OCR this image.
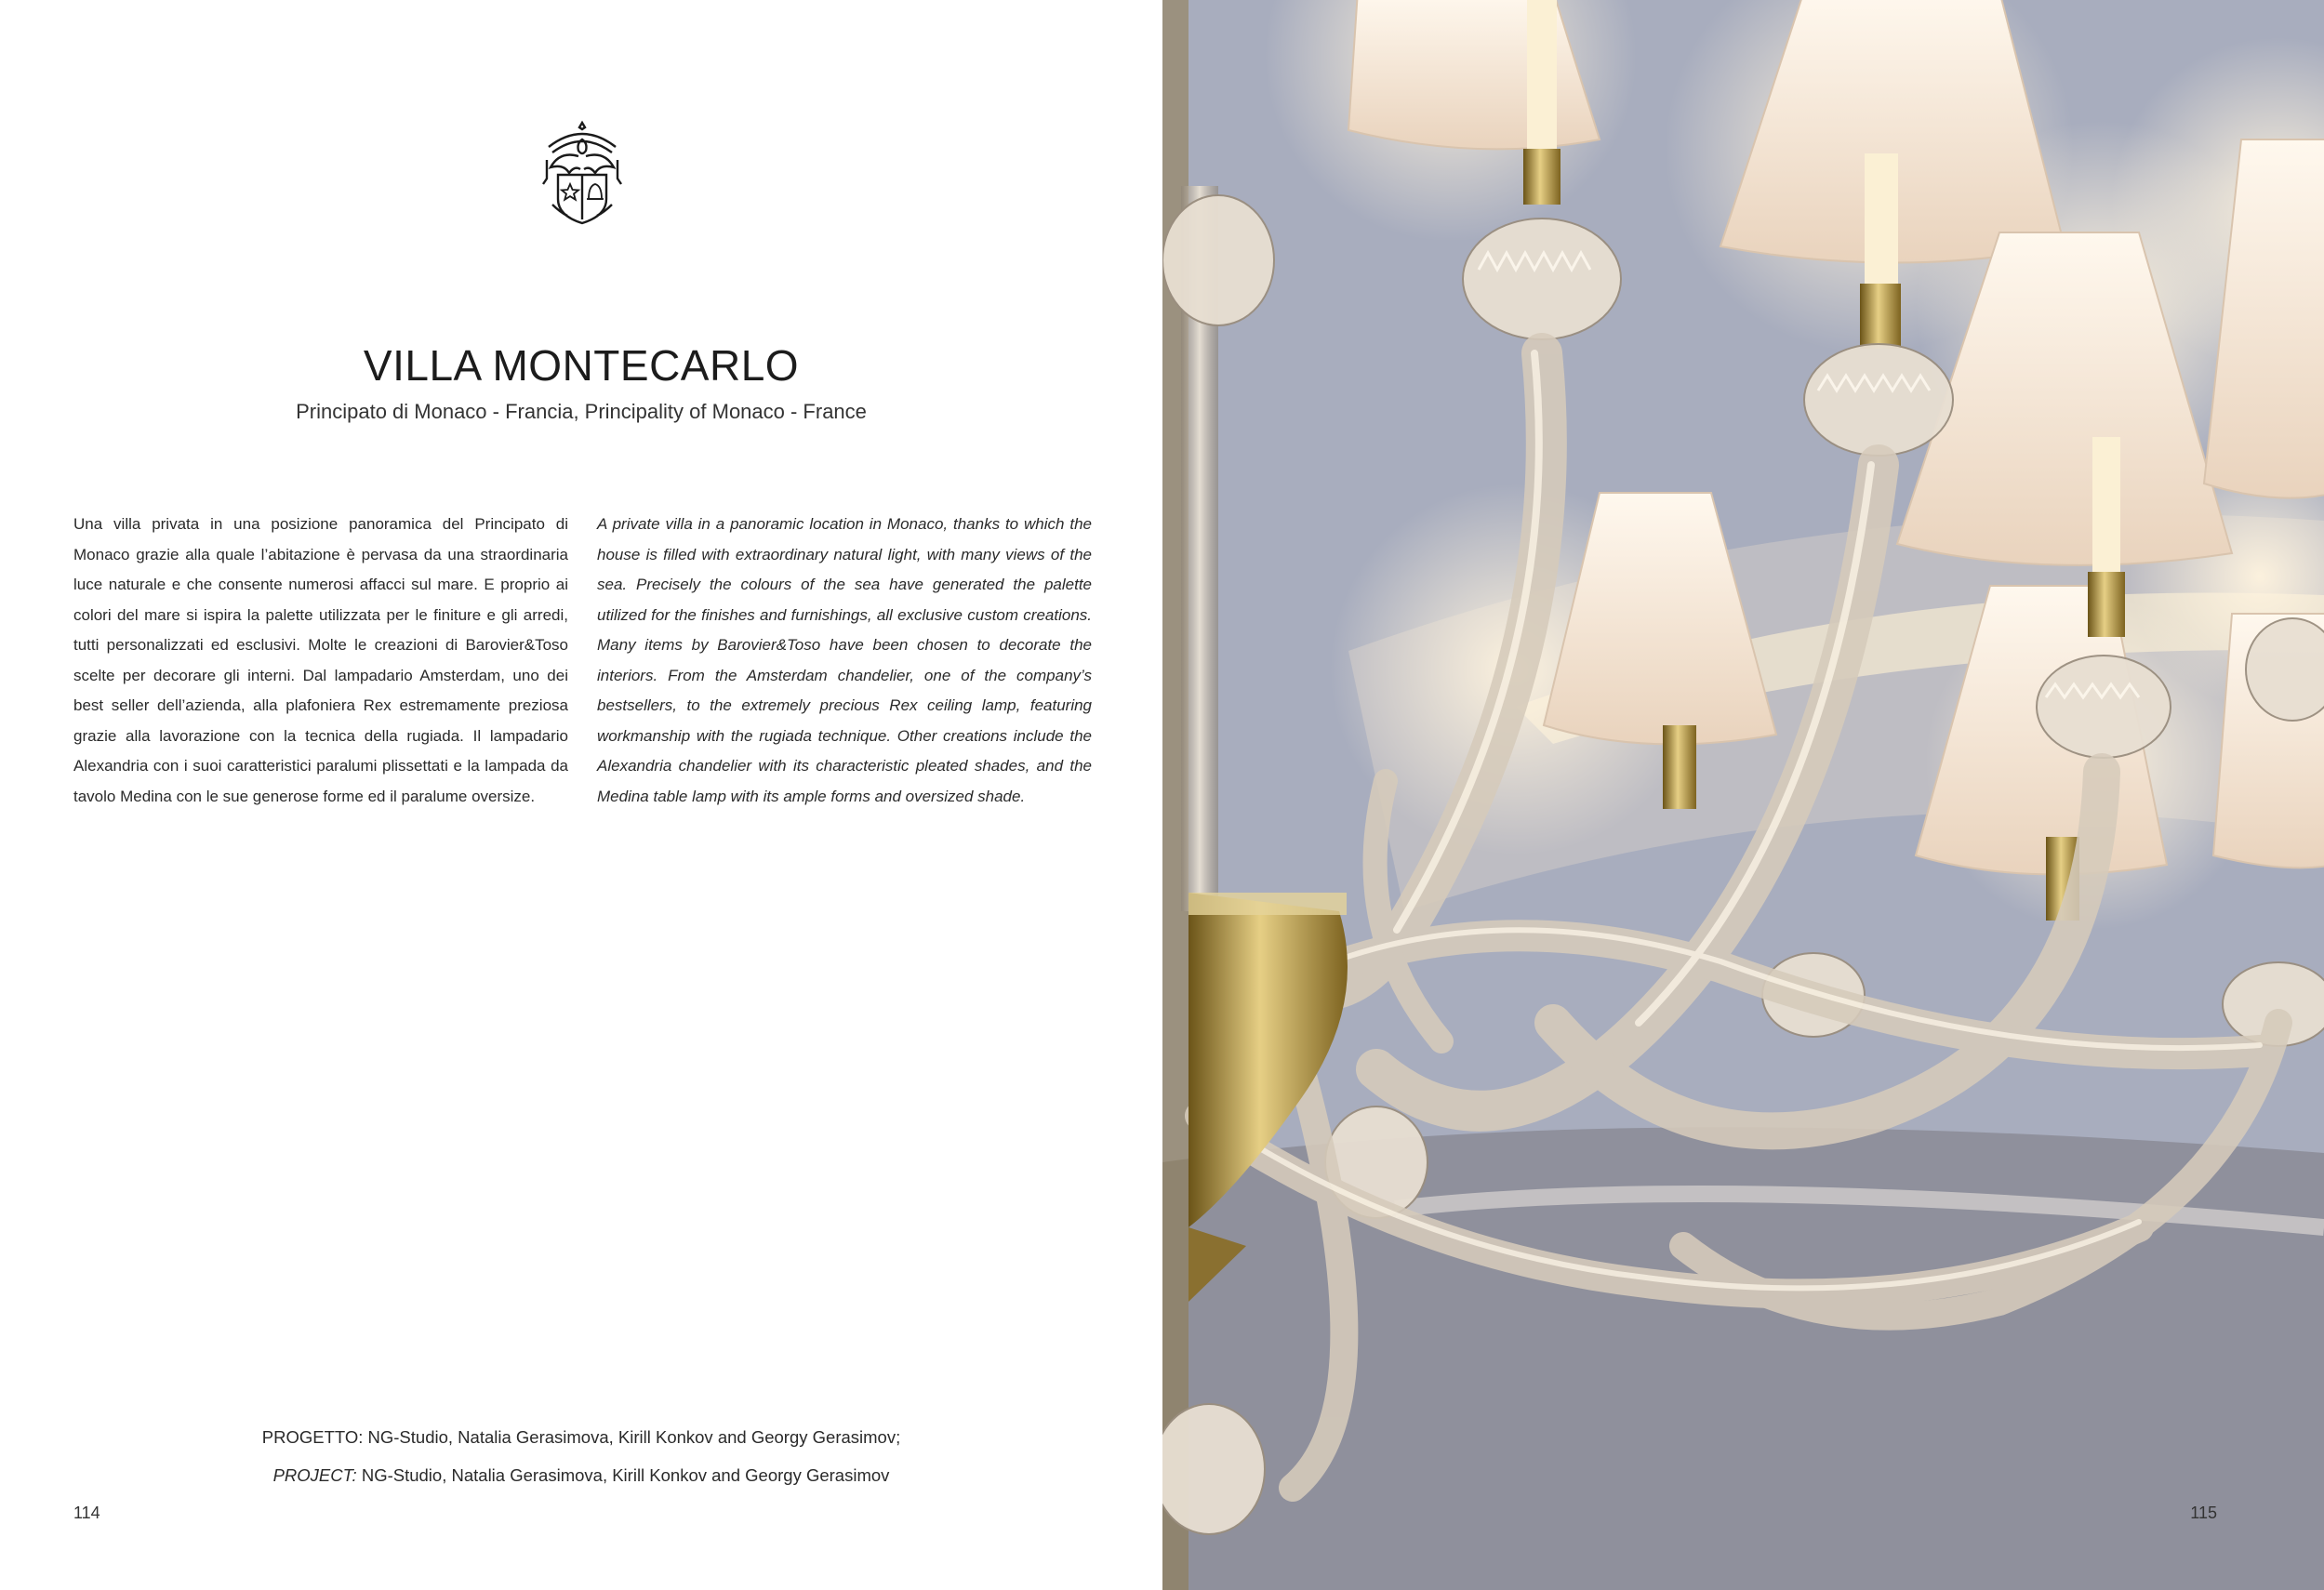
VILLA MONTECARLO
Principato di Monaco - Francia, Principality of Monaco - France
Una villa privata in una posizione panoramica del Principato di Monaco grazie alla quale l’abitazione è pervasa da una straordinaria luce naturale e che consente numerosi affacci sul mare. E proprio ai colori del mare si ispira la palette utilizzata per le finiture e gli arredi, tutti personalizzati ed esclusivi. Molte le creazioni di Barovier&Toso scelte per decorare gli interni. Dal lampadario Amsterdam, uno dei best seller dell’azienda, alla plafoniera Rex estremamente preziosa grazie alla lavorazione con la tecnica della rugiada. Il lampadario Alexandria con i suoi caratteristici paralumi plissettati e la lampada da tavolo Medina con le sue generose forme ed il paralume oversize.
A private villa in a panoramic location in Monaco, thanks to which the house is filled with extraordinary natural light, with many views of the sea. Precisely the colours of the sea have generated the palette utilized for the finishes and furnishings, all exclusive custom creations. Many items by Barovier&Toso have been chosen to decorate the interiors. From the Amsterdam chandelier, one of the company’s bestsellers, to the extremely precious Rex ceiling lamp, featuring workmanship with the rugiada technique. Other creations include the Alexandria chandelier with its characteristic pleated shades, and the Medina table lamp with its ample forms and oversized shade.
PROGETTO: NG-Studio, Natalia Gerasimova, Kirill Konkov and Georgy Gerasimov;
PROJECT: NG-Studio, Natalia Gerasimova, Kirill Konkov and Georgy Gerasimov
114	115
